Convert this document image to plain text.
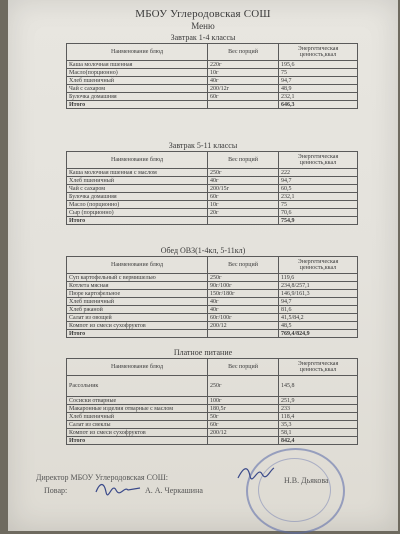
МБОУ Углеродовская СОШ
Меню
Завтрак 1-4 классы
Наименование блюд	Вес порций	Энергетическая ценность,ккал
Каша молочная пшенная	220г	195,6
Масло(порционно)	10г	75
Хлеб пшеничный	40г	94,7
Чай с сахаром	200/12г	48,9
Булочка домашняя	60г	232,1
Итого		646,3
Завтрак 5-11 классы
Наименование блюд	Вес порций	Энергетическая ценность,ккал
Каша молочная пшенная с маслом	250г	222
Хлеб пшеничный	40г	94,7
Чай с сахаром	200/15г	60,5
Булочка домашняя	60г	232,1
Масло (порционно)	10г	75
Сыр (порционно)	20г	70,6
Итого		754,9
Обед ОВЗ(1-4кл, 5-11кл)
Наименование блюд	Вес порций	Энергетическая ценность,ккал
Суп картофельный с вермишелью	250г	119,6
Котлета мясная	90г/100г	234,8/257,1
Пюре картофельное	150г/180г	146,9/161,3
Хлеб пшеничный	40г	94,7
Хлеб ржаной	40г	81,6
Салат из овощей	60г/100г	41,5/84,2
Компот из смеси сухофруктов	200/12	48,5
Итого		769,4/824,9
Платное питание
Наименование блюд	Вес порций	Энергетическая ценность,ккал
Рассольник	250г	145,8
Сосиски отварные	100г	251,9
Макаронные изделия отварные с маслом	180,5г	233
Хлеб пшеничный	50г	118,4
Салат из свеклы	60г	35,3
Компот из смеси сухофруктов	200/12	58,1
Итого		842,4
Директор МБОУ Углеродовская СОШ:	Н.В. Дьякова
Повар:	А. А. Черкашина
